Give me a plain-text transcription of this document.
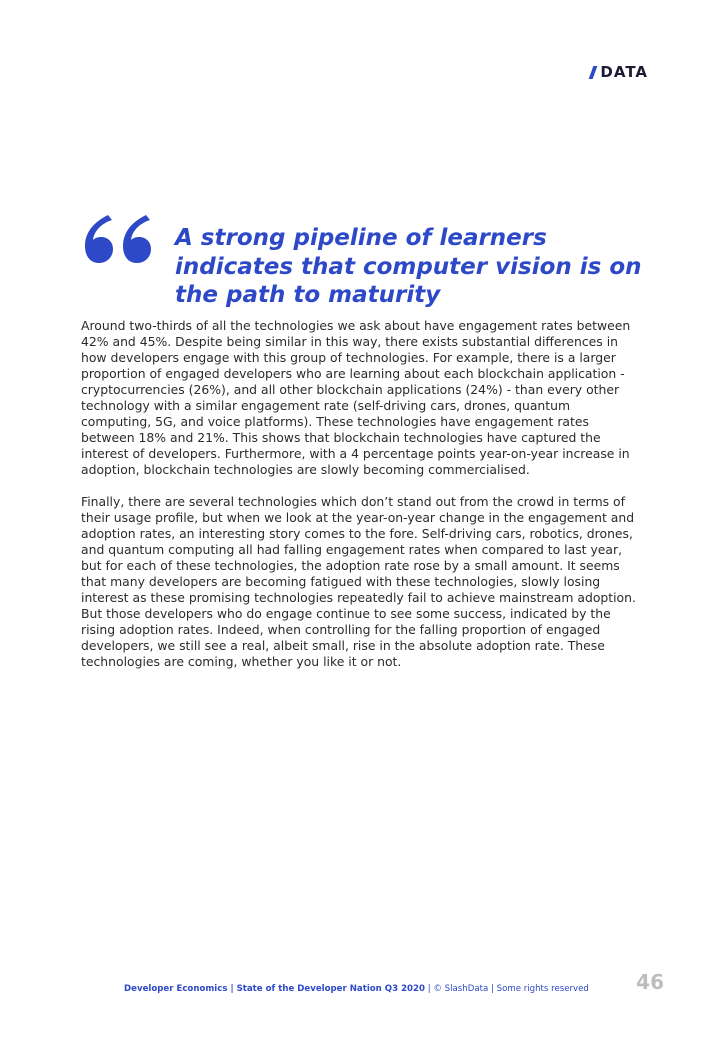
DATA
A strong pipeline of learners indicates that computer vision is on the path to maturity

Around two-thirds of all the technologies we ask about have engagement rates between 42% and 45%. Despite being similar in this way, there exists substantial differences in how developers engage with this group of technologies. For example, there is a larger proportion of engaged developers who are learning about each blockchain application - cryptocurrencies (26%), and all other blockchain applications (24%) - than every other technology with a similar engagement rate (self-driving cars, drones, quantum computing, 5G, and voice platforms). These technologies have engagement rates between 18% and 21%. This shows that blockchain technologies have captured the interest of developers. Furthermore, with a 4 percentage points year-on-year increase in adoption, blockchain technologies are slowly becoming commercialised.

Finally, there are several technologies which don’t stand out from the crowd in terms of their usage profile, but when we look at the year-on-year change in the engagement and adoption rates, an interesting story comes to the fore. Self-driving cars, robotics, drones, and quantum computing all had falling engagement rates when compared to last year, but for each of these technologies, the adoption rate rose by a small amount. It seems that many developers are becoming fatigued with these technologies, slowly losing interest as these promising technologies repeatedly fail to achieve mainstream adoption. But those developers who do engage continue to see some success, indicated by the rising adoption rates. Indeed, when controlling for the falling proportion of engaged developers, we still see a real, albeit small, rise in the absolute adoption rate. These technologies are coming, whether you like it or not.

Developer Economics | State of the Developer Nation Q3 2020 | © SlashData | Some rights reserved 46
